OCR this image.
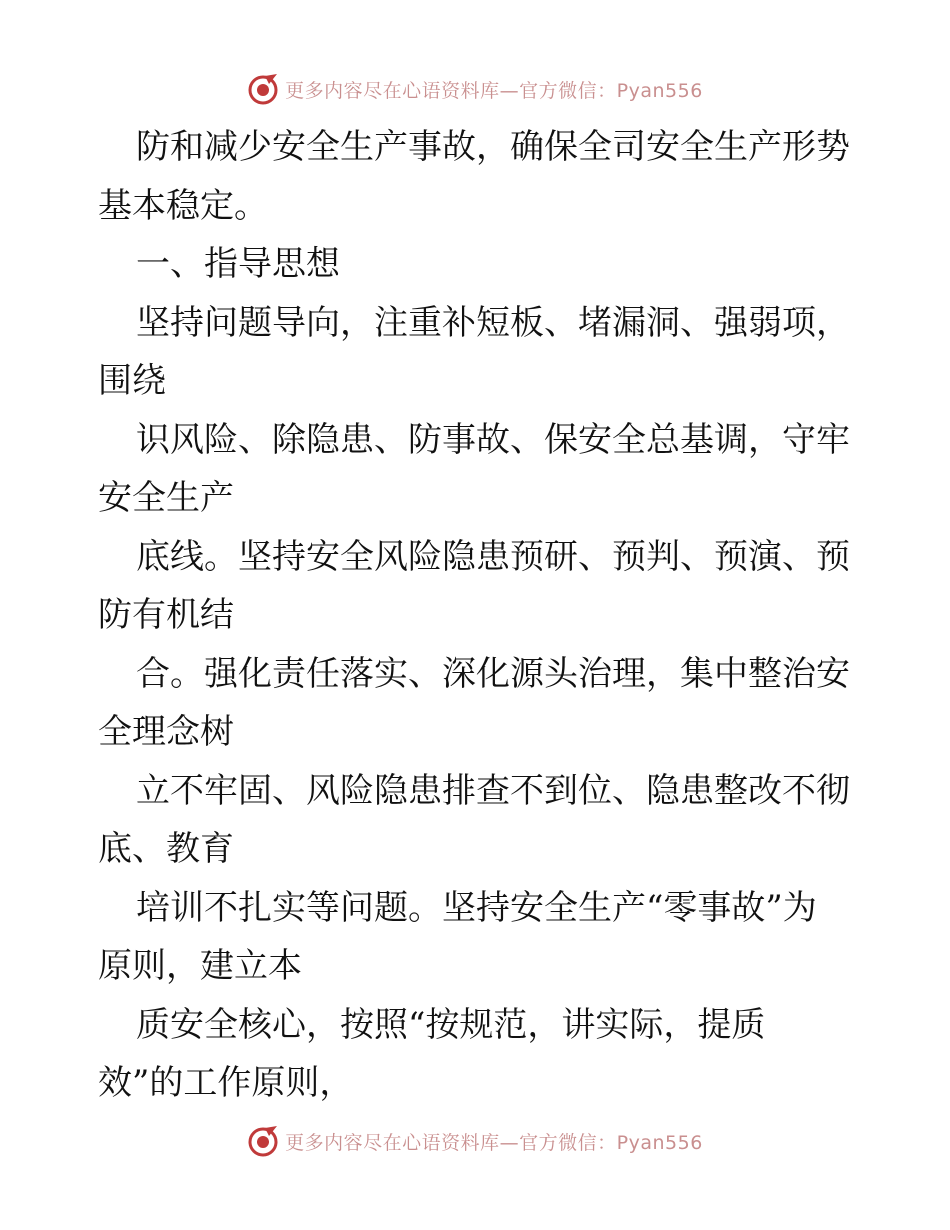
更多内容尽在心语资料库—官方微信：Pyan556

防和减少安全生产事故，确保全司安全生产形势

基本稳定。

一、指导思想

坚持问题导向，注重补短板、堵漏洞、强弱项，

围绕

识风险、除隐患、防事故、保安全总基调，守牢

安全生产

底线。坚持安全风险隐患预研、预判、预演、预

防有机结

合。强化责任落实、深化源头治理，集中整治安

全理念树

立不牢固、风险隐患排查不到位、隐患整改不彻

底、教育

培训不扎实等问题。坚持安全生产“零事故”为

原则，建立本

质安全核心，按照“按规范，讲实际，提质

效”的工作原则，

更多内容尽在心语资料库—官方微信：Pyan556
